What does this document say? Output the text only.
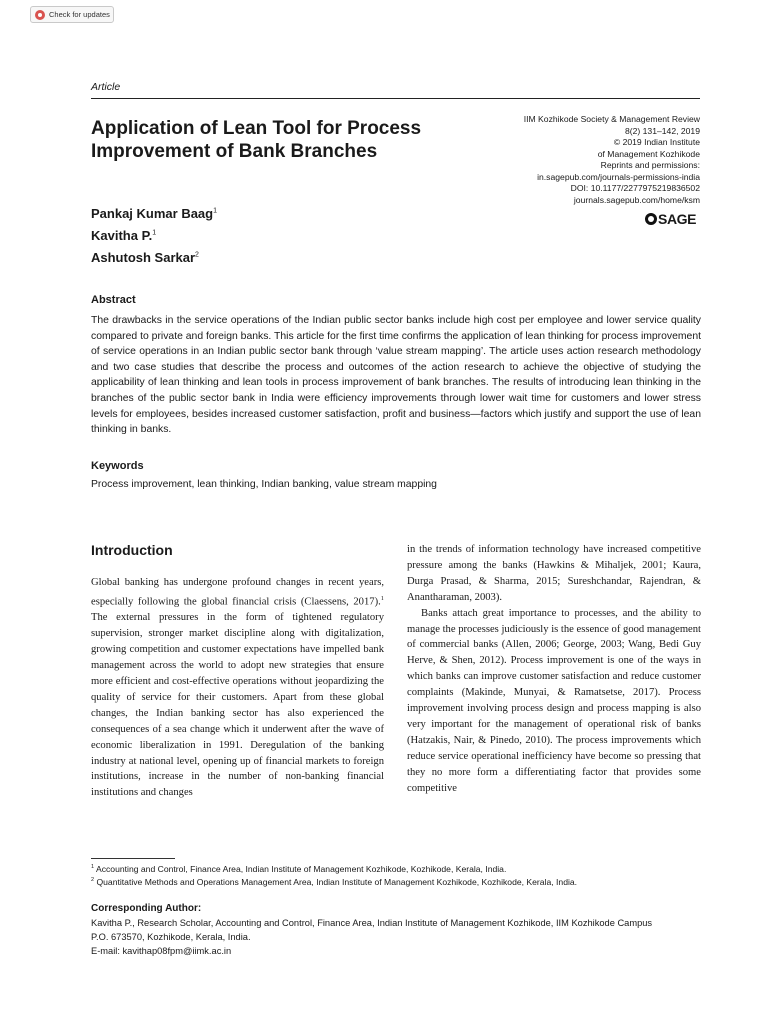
Check for updates
Article
Application of Lean Tool for Process Improvement of Bank Branches
IIM Kozhikode Society & Management Review
8(2) 131–142, 2019
© 2019 Indian Institute
of Management Kozhikode
Reprints and permissions:
in.sagepub.com/journals-permissions-india
DOI: 10.1177/2277975219836502
journals.sagepub.com/home/ksm
SAGE
Pankaj Kumar Baag$^1$
Kavitha P.$^1$
Ashutosh Sarkar$^2$
Abstract

The drawbacks in the service operations of the Indian public sector banks include high cost per employee and lower service quality compared to private and foreign banks. This article for the first time confirms the application of lean thinking for process improvement of service operations in an Indian public sector bank through ‘value stream mapping’. The article uses action research methodology and two case studies that describe the process and outcomes of the action research to achieve the objective of studying the applicability of lean thinking and lean tools in process improvement of bank branches. The results of introducing lean thinking in the branches of the public sector bank in India were efficiency improvements through lower wait time for customers and lower stress levels for employees, besides increased customer satisfaction, profit and business—factors which justify and support the use of lean thinking in banks.

Keywords
Process improvement, lean thinking, Indian banking, value stream mapping
Introduction

Global banking has undergone profound changes in recent years, especially following the global financial crisis (Claessens, 2017).$^1$ The external pressures in the form of tightened regulatory supervision, stronger market discipline along with digitalization, growing competition and customer expectations have impelled bank management across the world to adopt new strategies that ensure more efficient and cost-effective operations without jeopardizing the quality of service for their customers. Apart from these global changes, the Indian banking sector has also experienced the consequences of a sea change which it underwent after the wave of economic liberalization in 1991. Deregulation of the banking industry at national level, opening up of financial markets to foreign institutions, increase in the number of non-banking financial institutions and changes

in the trends of information technology have increased competitive pressure among the banks (Hawkins & Mihaljek, 2001; Kaura, Durga Prasad, & Sharma, 2015; Sureshchandar, Rajendran, & Anantharaman, 2003).

Banks attach great importance to processes, and the ability to manage the processes judiciously is the essence of good management of commercial banks (Allen, 2006; George, 2003; Wang, Bedi Guy Herve, & Shen, 2012). Process improvement is one of the ways in which banks can improve customer satisfaction and reduce customer complaints (Makinde, Munyai, & Ramatsetse, 2017). Process improvement involving process design and process mapping is also very important for the management of operational risk of banks (Hatzakis, Nair, & Pinedo, 2010). The process improvements which reduce service operational inefficiency have become so pressing that they no more form a differentiating factor that provides some competitive

$^1$ Accounting and Control, Finance Area, Indian Institute of Management Kozhikode, Kozhikode, Kerala, India.
$^2$ Quantitative Methods and Operations Management Area, Indian Institute of Management Kozhikode, Kozhikode, Kerala, India.
Corresponding Author:
Kavitha P., Research Scholar, Accounting and Control, Finance Area, Indian Institute of Management Kozhikode, IIM Kozhikode Campus
P.O. 673570, Kozhikode, Kerala, India.
E-mail: kavithap08fpm@iimk.ac.in
